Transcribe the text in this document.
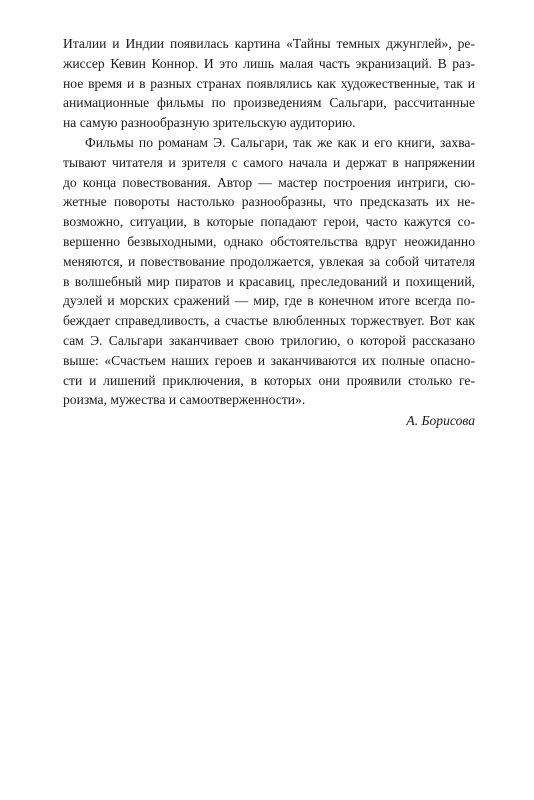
Италии и Индии появилась картина «Тайны темных джунглей», ре-
жиссер Кевин Коннор. И это лишь малая часть экранизаций. В раз-
ное время и в разных странах появлялись как художественные, так и
анимационные фильмы по произведениям Сальгари, рассчитанные
на самую разнообразную зрительскую аудиторию.
Фильмы по романам Э. Сальгари, так же как и его книги, захва-
тывают читателя и зрителя с самого начала и держат в напряжении
до конца повествования. Автор — мастер построения интриги, сю-
жетные повороты настолько разнообразны, что предсказать их не-
возможно, ситуации, в которые попадают герои, часто кажутся со-
вершенно безвыходными, однако обстоятельства вдруг неожиданно
меняются, и повествование продолжается, увлекая за собой читателя
в волшебный мир пиратов и красавиц, преследований и похищений,
дуэлей и морских сражений — мир, где в конечном итоге всегда по-
беждает справедливость, а счастье влюбленных торжествует. Вот как
сам Э. Сальгари заканчивает свою трилогию, о которой рассказано
выше: «Счастьем наших героев и заканчиваются их полные опасно-
сти и лишений приключения, в которых они проявили столько ге-
роизма, мужества и самоотверженности».
А. Борисова
